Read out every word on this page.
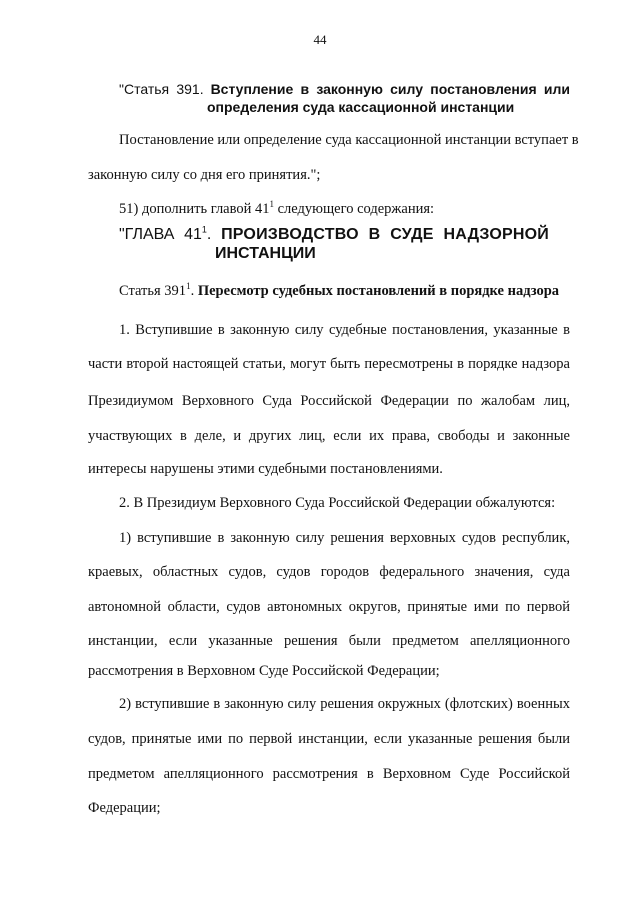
44
"Статья 391. Вступление в законную силу постановления или
определения суда кассационной инстанции
Постановление или определение суда кассационной инстанции вступает в
законную силу со дня его принятия.";
51) дополнить главой $41^1$ следующего содержания:
"ГЛАВА $41^1$. ПРОИЗВОДСТВО В СУДЕ НАДЗОРНОЙ
ИНСТАНЦИИ
Статья $391^1$. Пересмотр судебных постановлений в порядке надзора
1. Вступившие в законную силу судебные постановления, указанные в
части второй настоящей статьи, могут быть пересмотрены в порядке надзора
Президиумом Верховного Суда Российской Федерации по жалобам лиц,
участвующих в деле, и других лиц, если их права, свободы и законные
интересы нарушены этими судебными постановлениями.
2. В Президиум Верховного Суда Российской Федерации обжалуются:
1) вступившие в законную силу решения верховных судов республик,
краевых, областных судов, судов городов федерального значения, суда
автономной области, судов автономных округов, принятые ими по первой
инстанции, если указанные решения были предметом апелляционного
рассмотрения в Верховном Суде Российской Федерации;
2) вступившие в законную силу решения окружных (флотских) военных
судов, принятые ими по первой инстанции, если указанные решения были
предметом апелляционного рассмотрения в Верховном Суде Российской
Федерации;
